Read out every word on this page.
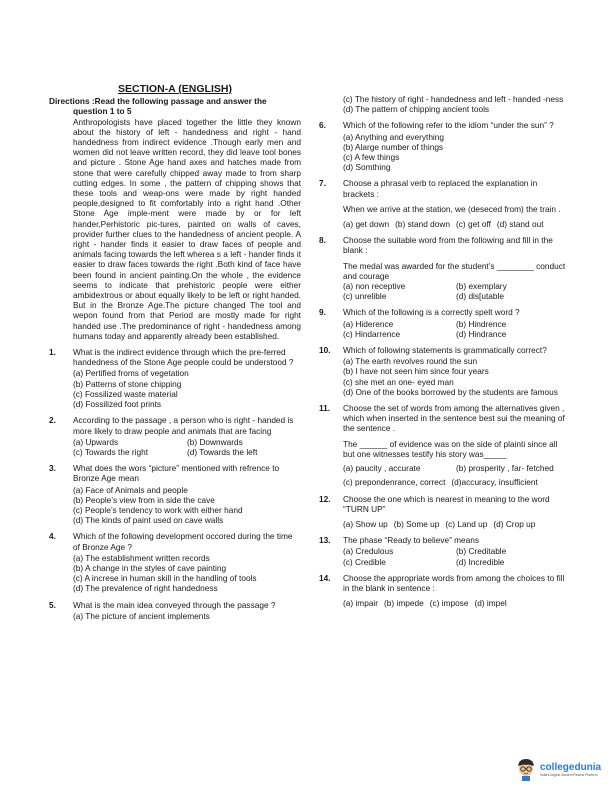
SECTION-A (ENGLISH)
Directions :Read the following passage and answer the question 1 to 5
Anthropologists have placed together the little they known about the history of left - handedness and right - hand handedness from indirect evidence .Though early men and women did not leave written record, they did leave tool bones and picture . Stone Age hand axes and hatches made from stone that were carefully chipped away made to from sharp cutting edges. In some , the pattern of chipping shows that these tools and weap-ons were made by right handed people,designed to fit comfortably into a right hand .Other Stone Age imple-ment were made by or for left hander,Perhistoric pic-tures, painted on walls of caves, provider further clues to the handedness of ancient people. A right - hander finds it easier to draw faces of people and animals facing towards the left wherea s a left - hander finds it easier to draw faces towards the right .Both kind of face have been found in ancient painting.On the whole , the evidence seems to indicate that prehistoric people were either ambidextrous or about equally likely to be left or right handed. But in the Bronze Age.The picture changed The tool and wepon found from that Period are mostly made for right handed use .The predominance of right - handedness among humans today and apparently already been established.
1.	What is the indirect evidence through which the pre-ferred handedness of the Stone Age people could be understood ?
(a) Pertified froms of vegetation
(b) Patterns of stone chipping
(c) Fossilized waste material
(d) Fossilized foot prints
2.	According to the passage , a person who is right - handed is more likely to draw people and animals that are facing
(a) Upwards	(b) Downwards
(c) Towards the right	(d) Towards the left
3.	What does the wors “picture” mentioned with refrence to Bronze Age mean
(a) Face of Animals and people
(b) People’s view from in side the cave
(c) People’s tendency to work with either hand
(d) The kinds of paint used on cave walls
4.	Which of the following development occored during the time of Bronze Age ?
(a) The establishment written records
(b) A change in the styles of cave painting
(c) A increse in human skill in the handling of tools
(d) The prevalence of right handedness
5.	What is the main idea conveyed through the passage ?
(a) The picture of ancient implements
(c) The history of right - handedness and left - handed -ness
(d) The pattern of chipping ancient tools
6.	Which of the following refer to the idiom “under the sun” ?
(a) Anything and everything
(b) Alarge number of things
(c) A few things
(d) Somthing
7.	Choose a phrasal verb to replaced the explanation in brackets :
When we arrive at the station, we (deseced from) the train .
(a) get down (b) stand down (c) get off (d) stand out
8.	Choose the suitable word from the following and fill in the blank :
The medal was awarded for the student’s ________ conduct and courage
(a) non receptive	(b) exemplary
(c) unrelible	(d) dis[utable
9.	Which of the following is a correctly spelt word ?
(a) Hiderence	(b) Hindrence
(c) Hindarrence	(d) Hindrance
10.	Which of following statements is grammatically correct?
(a) The earth revolves round the sun
(b) I have not seen him since four years
(c) she met an one- eyed man
(d) One of the books borrowed by the students are famous
11.	Choose the set of words from among the alternatives given , which when inserted in the sentence best sui the meaning of the sentence .
The ______ of evidence was on the side of plainti since all but one witnesses testify his story was_____
(a) paucity , accurate	(b) prosperity , far- fetched
(c) prepondenrance, correct (d)accuracy, insufficient
12.	Choose the one which is nearest in meaning to the word “TURN UP”
(a) Show up (b) Some up (c) Land up (d) Crop up
13.	The phase “Ready to believe” means
(a) Credulous	(b) Creditable
(c) Credible	(d) Incredible
14.	Choose the appropriate words from among the choices to fill in the blank in sentence :
(a) impair (b) impede (c) impose (d) impel
collegedunia
India's largest Student Review Platform
